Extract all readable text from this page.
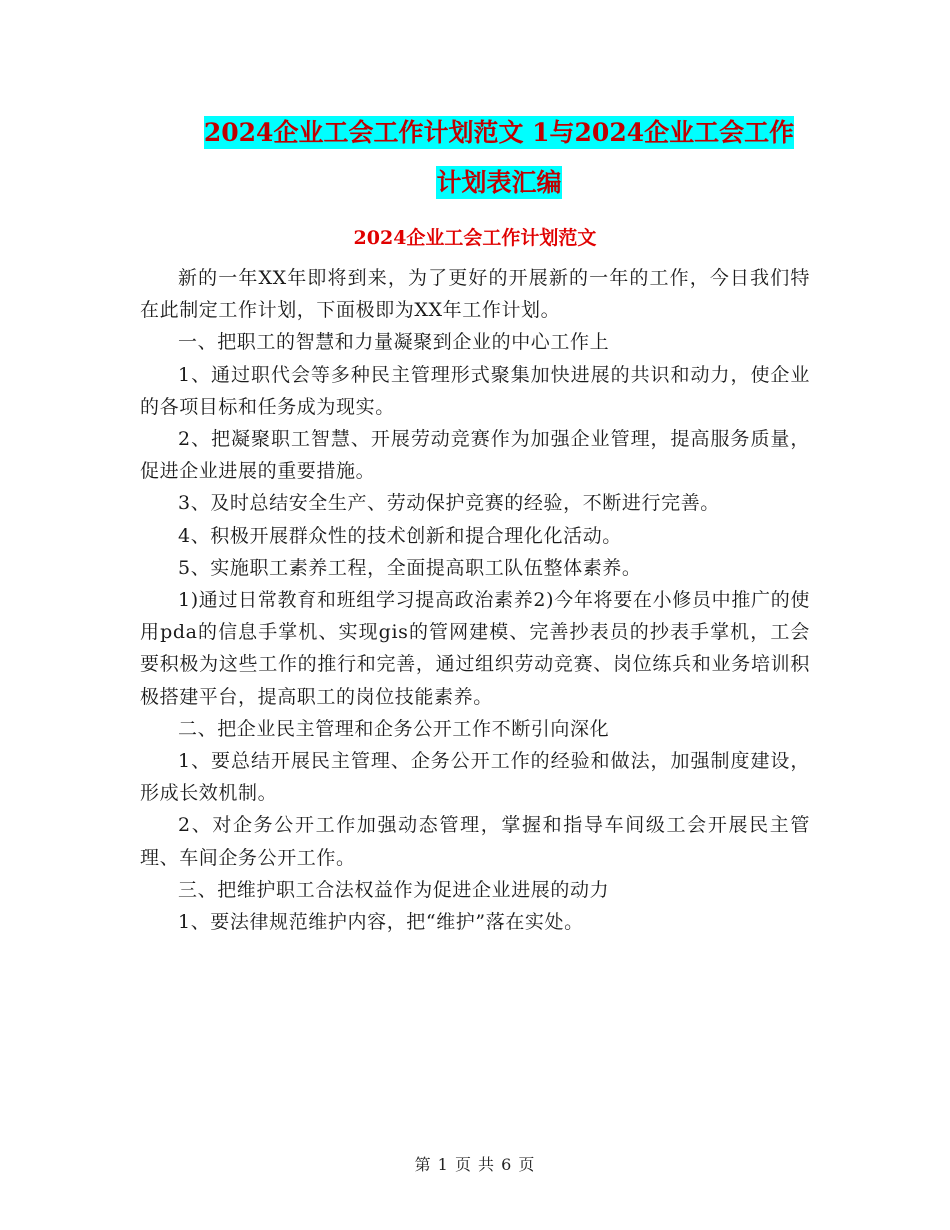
2024企业工会工作计划范文 1与2024企业工会工作
计划表汇编
2024企业工会工作计划范文

新的一年XX年即将到来，为了更好的开展新的一年的工作，今日我们特在此制定工作计划，下面极即为XX年工作计划。

一、把职工的智慧和力量凝聚到企业的中心工作上

1、通过职代会等多种民主管理形式聚集加快进展的共识和动力，使企业的各项目标和任务成为现实。

2、把凝聚职工智慧、开展劳动竞赛作为加强企业管理，提高服务质量，促进企业进展的重要措施。

3、及时总结安全生产、劳动保护竞赛的经验，不断进行完善。

4、积极开展群众性的技术创新和提合理化化活动。

5、实施职工素养工程，全面提高职工队伍整体素养。

1)通过日常教育和班组学习提高政治素养2)今年将要在小修员中推广的使用pda的信息手掌机、实现gis的管网建模、完善抄表员的抄表手掌机，工会要积极为这些工作的推行和完善，通过组织劳动竞赛、岗位练兵和业务培训积极搭建平台，提高职工的岗位技能素养。

二、把企业民主管理和企务公开工作不断引向深化

1、要总结开展民主管理、企务公开工作的经验和做法，加强制度建设，形成长效机制。

2、对企务公开工作加强动态管理，掌握和指导车间级工会开展民主管理、车间企务公开工作。

三、把维护职工合法权益作为促进企业进展的动力

1、要法律规范维护内容，把“维护”落在实处。

第 1 页 共 6 页
